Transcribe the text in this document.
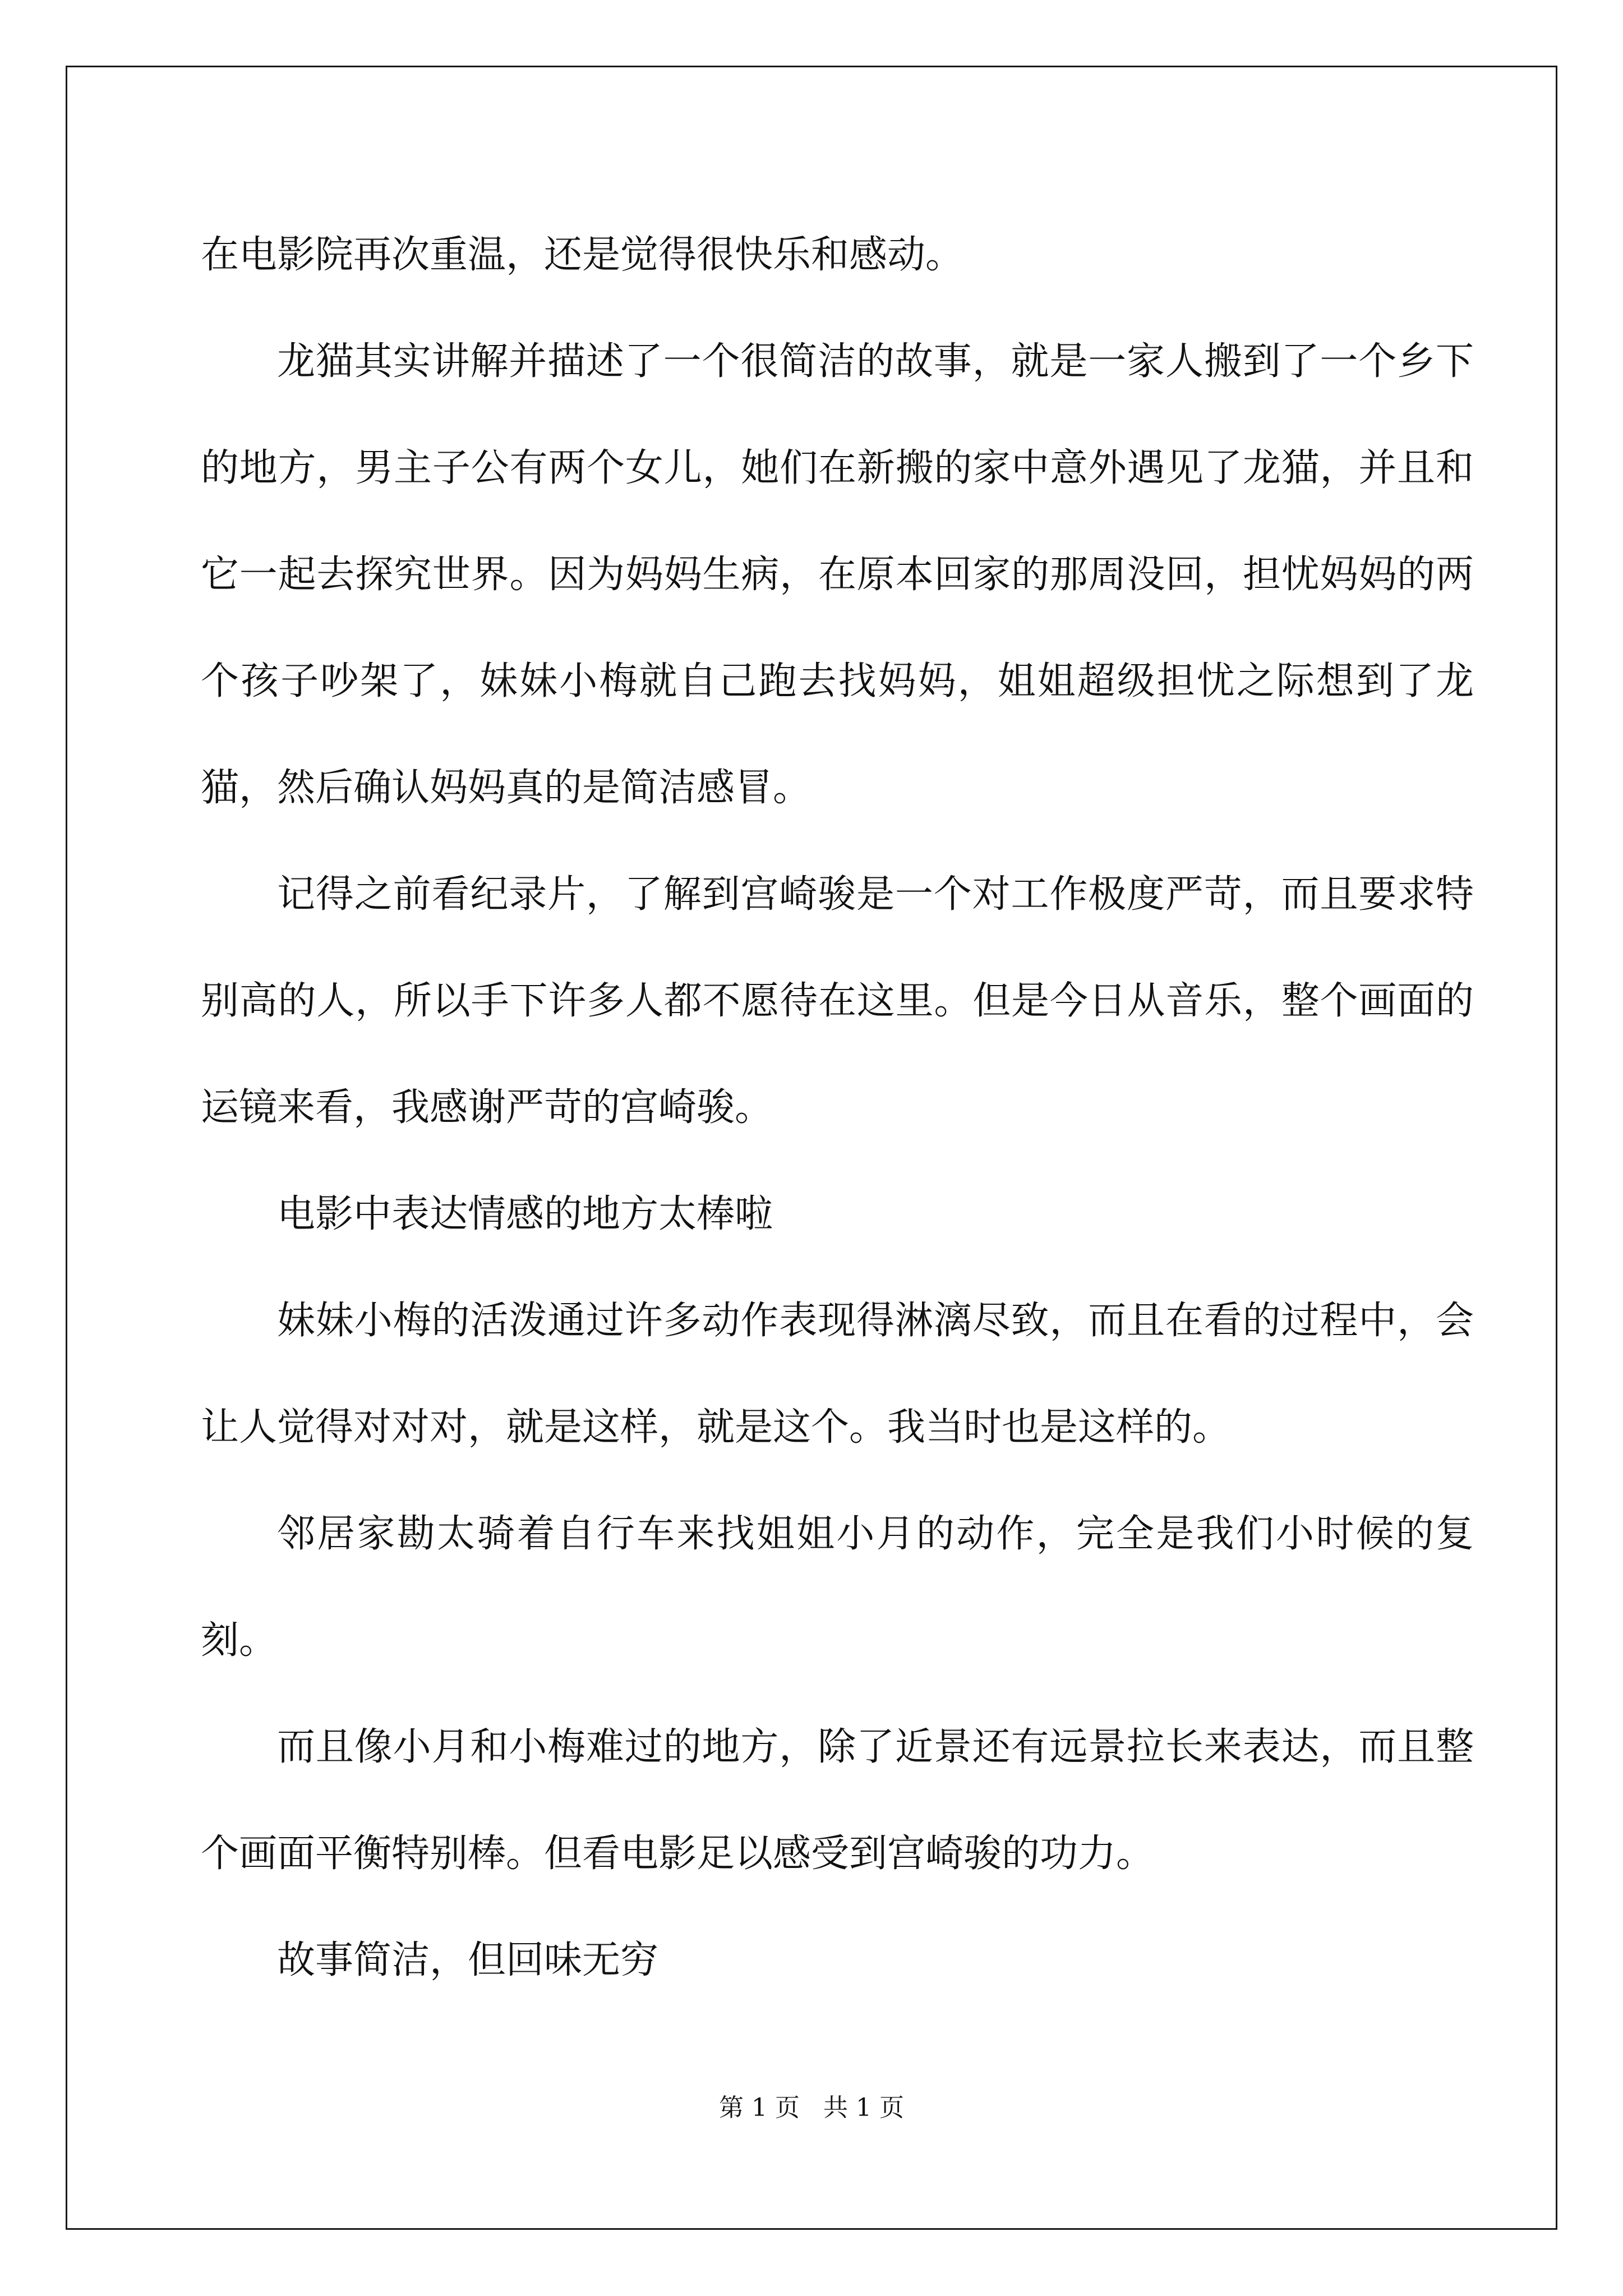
在电影院再次重温，还是觉得很快乐和感动。

龙猫其实讲解并描述了一个很简洁的故事，就是一家人搬到了一个乡下的地方，男主子公有两个女儿，她们在新搬的家中意外遇见了龙猫，并且和它一起去探究世界。因为妈妈生病，在原本回家的那周没回，担忧妈妈的两个孩子吵架了，妹妹小梅就自己跑去找妈妈，姐姐超级担忧之际想到了龙猫，然后确认妈妈真的是简洁感冒。

记得之前看纪录片，了解到宫崎骏是一个对工作极度严苛，而且要求特别高的人，所以手下许多人都不愿待在这里。但是今日从音乐，整个画面的运镜来看，我感谢严苛的宫崎骏。

电影中表达情感的地方太棒啦

妹妹小梅的活泼通过许多动作表现得淋漓尽致，而且在看的过程中，会让人觉得对对对，就是这样，就是这个。我当时也是这样的。

邻居家勘太骑着自行车来找姐姐小月的动作，完全是我们小时候的复刻。

而且像小月和小梅难过的地方，除了近景还有远景拉长来表达，而且整个画面平衡特别棒。但看电影足以感受到宫崎骏的功力。

故事简洁，但回味无穷

第 1 页   共 1 页
